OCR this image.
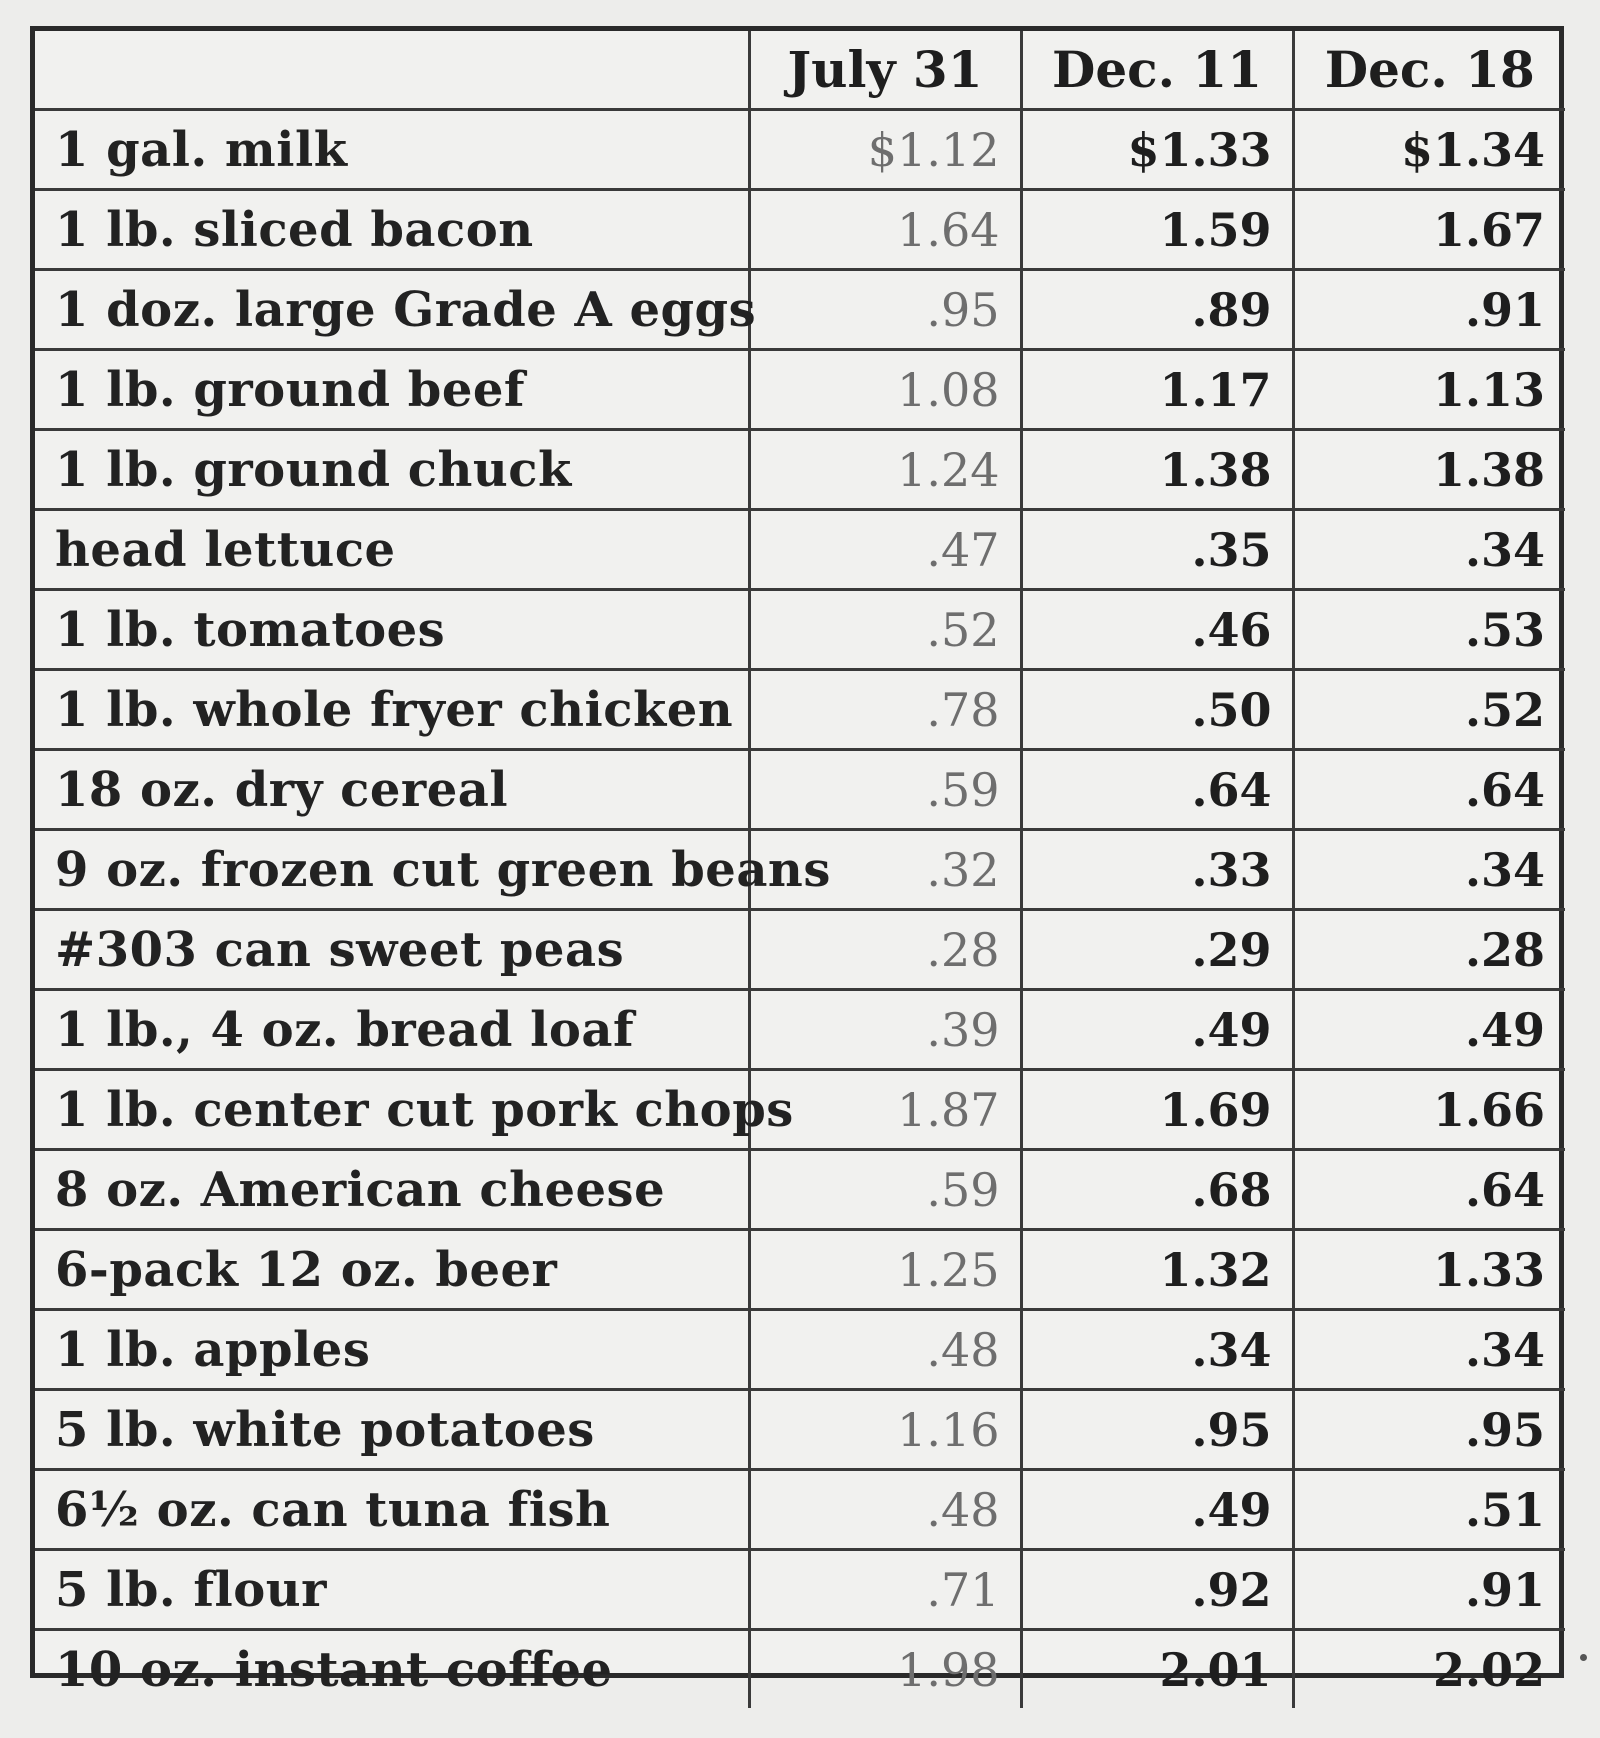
	July 31	Dec. 11	Dec. 18
1 gal. milk	$1.12	$1.33	$1.34
1 lb. sliced bacon	1.64	1.59	1.67
1 doz. large Grade A eggs	.95	.89	.91
1 lb. ground beef	1.08	1.17	1.13
1 lb. ground chuck	1.24	1.38	1.38
head lettuce	.47	.35	.34
1 lb. tomatoes	.52	.46	.53
1 lb. whole fryer chicken	.78	.50	.52
18 oz. dry cereal	.59	.64	.64
9 oz. frozen cut green beans	.32	.33	.34
#303 can sweet peas	.28	.29	.28
1 lb., 4 oz. bread loaf	.39	.49	.49
1 lb. center cut pork chops	1.87	1.69	1.66
8 oz. American cheese	.59	.68	.64
6-pack 12 oz. beer	1.25	1.32	1.33
1 lb. apples	.48	.34	.34
5 lb. white potatoes	1.16	.95	.95
6½ oz. can tuna fish	.48	.49	.51
5 lb. flour	.71	.92	.91
10 oz. instant coffee	1.98	2.01	2.02
